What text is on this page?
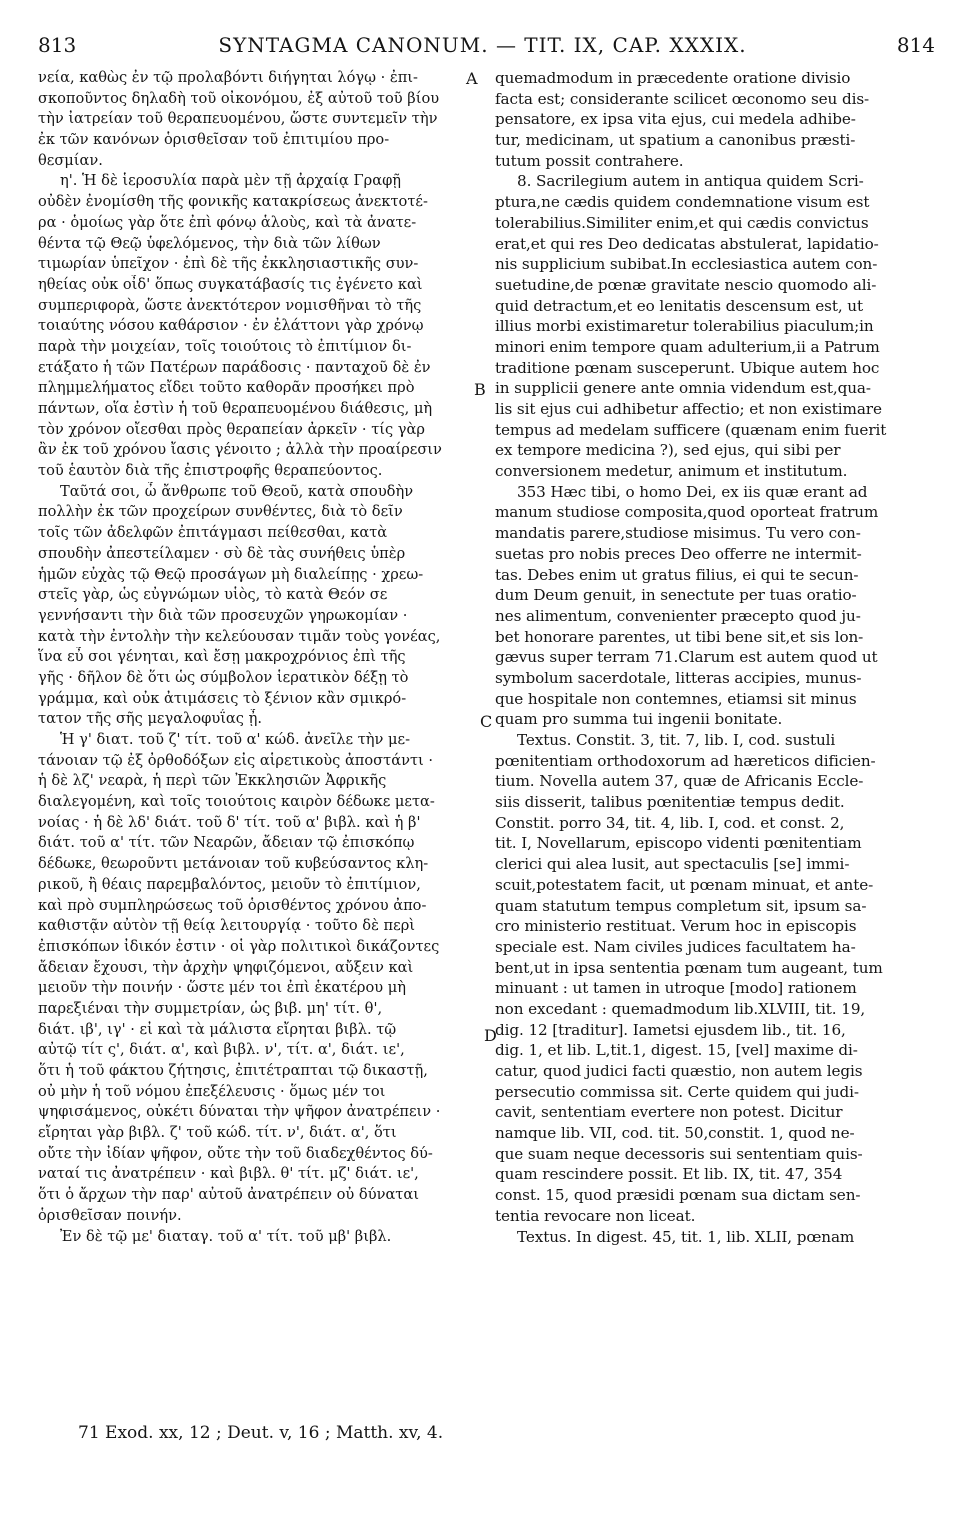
813	SYNTAGMA CANONUM. — TIT. IX, CAP. XXXIX.	814
νεία, καθὼς ἐν τῷ προλαβόντι διήγηται λόγῳ · ἐπι-
σκοποῦντος δηλαδὴ τοῦ οἰκονόμου, ἐξ αὐτοῦ τοῦ βίου
τὴν ἰατρείαν τοῦ θεραπευομένου, ὥστε συντεμεῖν τὴν
ἐκ τῶν κανόνων ὁρισθεῖσαν τοῦ ἐπιτιμίου προ-
θεσμίαν.
η'. Ἡ δὲ ἱεροσυλία παρὰ μὲν τῇ ἀρχαίᾳ Γραφῇ
οὐδὲν ἐνομίσθη τῆς φονικῆς κατακρίσεως ἀνεκτοτέ-
ρα · ὁμοίως γὰρ ὅτε ἐπὶ φόνῳ ἁλοὺς, καὶ τὰ ἀνατε-
θέντα τῷ Θεῷ ὑφελόμενος, τὴν διὰ τῶν λίθων
τιμωρίαν ὑπεῖχον · ἐπὶ δὲ τῆς ἐκκλησιαστικῆς συν-
ηθείας οὐκ οἶδ' ὅπως συγκατάβασίς τις ἐγένετο καὶ
συμπεριφορὰ, ὥστε ἀνεκτότερον νομισθῆναι τὸ τῆς
τοιαύτης νόσου καθάρσιον · ἐν ἐλάττονι γὰρ χρόνῳ
παρὰ τὴν μοιχείαν, τοῖς τοιούτοις τὸ ἐπιτίμιον δι-
ετάξατο ἡ τῶν Πατέρων παράδοσις · πανταχοῦ δὲ ἐν
πλημμελήματος εἴδει τοῦτο καθορᾶν προσήκει πρὸ
πάντων, οἵα ἐστὶν ἡ τοῦ θεραπευομένου διάθεσις, μὴ
τὸν χρόνον οἴεσθαι πρὸς θεραπείαν ἀρκεῖν · τίς γὰρ
ἂν ἐκ τοῦ χρόνου ἴασις γένοιτο ; ἀλλὰ τὴν προαίρεσιν
τοῦ ἑαυτὸν διὰ τῆς ἐπιστροφῆς θεραπεύοντος.
Ταῦτά σοι, ὦ ἄνθρωπε τοῦ Θεοῦ, κατὰ σπουδὴν
πολλὴν ἐκ τῶν προχείρων συνθέντες, διὰ τὸ δεῖν
τοῖς τῶν ἀδελφῶν ἐπιτάγμασι πείθεσθαι, κατὰ
σπουδὴν ἀπεστείλαμεν · σὺ δὲ τὰς συνήθεις ὑπὲρ
ἡμῶν εὐχὰς τῷ Θεῷ προσάγων μὴ διαλείπῃς · χρεω-
στεῖς γὰρ, ὡς εὐγνώμων υἱὸς, τὸ κατὰ Θεόν σε
γεννήσαντι τὴν διὰ τῶν προσευχῶν γηρωκομίαν ·
κατὰ τὴν ἐντολὴν τὴν κελεύουσαν τιμᾶν τοὺς γονέας,
ἵνα εὖ σοι γένηται, καὶ ἔσῃ μακροχρόνιος ἐπὶ τῆς
γῆς · δῆλον δὲ ὅτι ὡς σύμβολον ἱερατικὸν δέξῃ τὸ
γράμμα, καὶ οὐκ ἀτιμάσεις τὸ ξένιον κἂν σμικρό-
τατον τῆς σῆς μεγαλοφυΐας ᾖ.
Ἡ γ' διατ. τοῦ ζ' τίτ. τοῦ α' κώδ. ἀνεῖλε τὴν με-
τάνοιαν τῷ ἐξ ὀρθοδόξων εἰς αἱρετικοὺς ἀποστάντι ·
ἡ δὲ λζ' νεαρὰ, ἡ περὶ τῶν Ἐκκλησιῶν Ἀφρικῆς
διαλεγομένη, καὶ τοῖς τοιούτοις καιρὸν δέδωκε μετα-
νοίας · ἡ δὲ λδ' διάτ. τοῦ δ' τίτ. τοῦ α' βιβλ. καὶ ἡ β'
διάτ. τοῦ α' τίτ. τῶν Νεαρῶν, ἄδειαν τῷ ἐπισκόπῳ
δέδωκε, θεωροῦντι μετάνοιαν τοῦ κυβεύσαντος κλη-
ρικοῦ, ἢ θέαις παρεμβαλόντος, μειοῦν τὸ ἐπιτίμιον,
καὶ πρὸ συμπληρώσεως τοῦ ὁρισθέντος χρόνου ἀπο-
καθιστᾷν αὐτὸν τῇ θείᾳ λειτουργίᾳ · τοῦτο δὲ περὶ
ἐπισκόπων ἰδικόν ἐστιν · οἱ γὰρ πολιτικοὶ δικάζοντες
ἄδειαν ἔχουσι, τὴν ἀρχὴν ψηφιζόμενοι, αὔξειν καὶ
μειοῦν τὴν ποινήν · ὥστε μέν τοι ἐπὶ ἑκατέρου μὴ
παρεξιέναι τὴν συμμετρίαν, ὡς βιβ. μη' τίτ. θ',
διάτ. ιβ', ιγ' · εἰ καὶ τὰ μάλιστα εἴρηται βιβλ. τῷ
αὐτῷ τίτ ς', διάτ. α', καὶ βιβλ. ν', τίτ. α', διάτ. ιε',
ὅτι ἡ τοῦ φάκτου ζήτησις, ἐπιτέτραπται τῷ δικαστῇ,
οὐ μὴν ἡ τοῦ νόμου ἐπεξέλευσις · ὅμως μέν τοι
ψηφισάμενος, οὐκέτι δύναται τὴν ψῆφον ἀνατρέπειν ·
εἴρηται γὰρ βιβλ. ζ' τοῦ κώδ. τίτ. ν', διάτ. α', ὅτι
οὔτε τὴν ἰδίαν ψῆφον, οὔτε τὴν τοῦ διαδεχθέντος δύ-
ναταί τις ἀνατρέπειν · καὶ βιβλ. θ' τίτ. μζ' διάτ. ιε',
ὅτι ὁ ἄρχων τὴν παρ' αὐτοῦ ἀνατρέπειν οὐ δύναται
ὁρισθεῖσαν ποινήν.
Ἐν δὲ τῷ με' διαταγ. τοῦ α' τίτ. τοῦ μβ' βιβλ.
quemadmodum in præcedente oratione divisio
facta est; considerante scilicet œconomo seu dis-
pensatore, ex ipsa vita ejus, cui medela adhibe-
tur, medicinam, ut spatium a canonibus præsti-
tutum possit contrahere.
8. Sacrilegium autem in antiqua quidem Scri-
ptura,ne cædis quidem condemnatione visum est
tolerabilius.Similiter enim,et qui cædis convictus
erat,et qui res Deo dedicatas abstulerat, lapidatio-
nis supplicium subibat.In ecclesiastica autem con-
suetudine,de pœnæ gravitate nescio quomodo ali-
quid detractum,et eo lenitatis descensum est, ut
illius morbi existimaretur tolerabilius piaculum;in
minori enim tempore quam adulterium,ii a Patrum
traditione pœnam susceperunt. Ubique autem hoc
in supplicii genere ante omnia videndum est,qua-
lis sit ejus cui adhibetur affectio; et non existimare
tempus ad medelam sufficere (quænam enim fuerit
ex tempore medicina ?), sed ejus, qui sibi per
conversionem medetur, animum et institutum.
353 Hæc tibi, o homo Dei, ex iis quæ erant ad
manum studiose composita,quod oporteat fratrum
mandatis parere,studiose misimus. Tu vero con-
suetas pro nobis preces Deo offerre ne intermit-
tas. Debes enim ut gratus filius, ei qui te secun-
dum Deum genuit, in senectute per tuas oratio-
nes alimentum, convenienter præcepto quod ju-
bet honorare parentes, ut tibi bene sit,et sis lon-
gævus super terram 71.Clarum est autem quod ut
symbolum sacerdotale, litteras accipies, munus-
que hospitale non contemnes, etiamsi sit minus
quam pro summa tui ingenii bonitate.
Textus. Constit. 3, tit. 7, lib. I, cod. sustuli
pœnitentiam orthodoxorum ad hæreticos dificien-
tium. Novella autem 37, quæ de Africanis Eccle-
siis disserit, talibus pœnitentiæ tempus dedit.
Constit. porro 34, tit. 4, lib. I, cod. et const. 2,
tit. I, Novellarum, episcopo videnti pœnitentiam
clerici qui alea lusit, aut spectaculis [se] immi-
scuit,potestatem facit, ut pœnam minuat, et ante-
quam statutum tempus completum sit, ipsum sa-
cro ministerio restituat. Verum hoc in episcopis
speciale est. Nam civiles judices facultatem ha-
bent,ut in ipsa sententia pœnam tum augeant, tum
minuant : ut tamen in utroque [modo] rationem
non excedant : quemadmodum lib.XLVIII, tit. 19,
dig. 12 [traditur]. Iametsi ejusdem lib., tit. 16,
dig. 1, et lib. L,tit.1, digest. 15, [vel] maxime di-
catur, quod judici facti quæstio, non autem legis
persecutio commissa sit. Certe quidem qui judi-
cavit, sententiam evertere non potest. Dicitur
namque lib. VII, cod. tit. 50,constit. 1, quod ne-
que suam neque decessoris sui sententiam quis-
quam rescindere possit. Et lib. IX, tit. 47, 354
const. 15, quod præsidi pœnam sua dictam sen-
tentia revocare non liceat.
Textus. In digest. 45, tit. 1, lib. XLII, pœnam
A
B
C
D
71 Exod. xx, 12 ; Deut. v, 16 ; Matth. xv, 4.
